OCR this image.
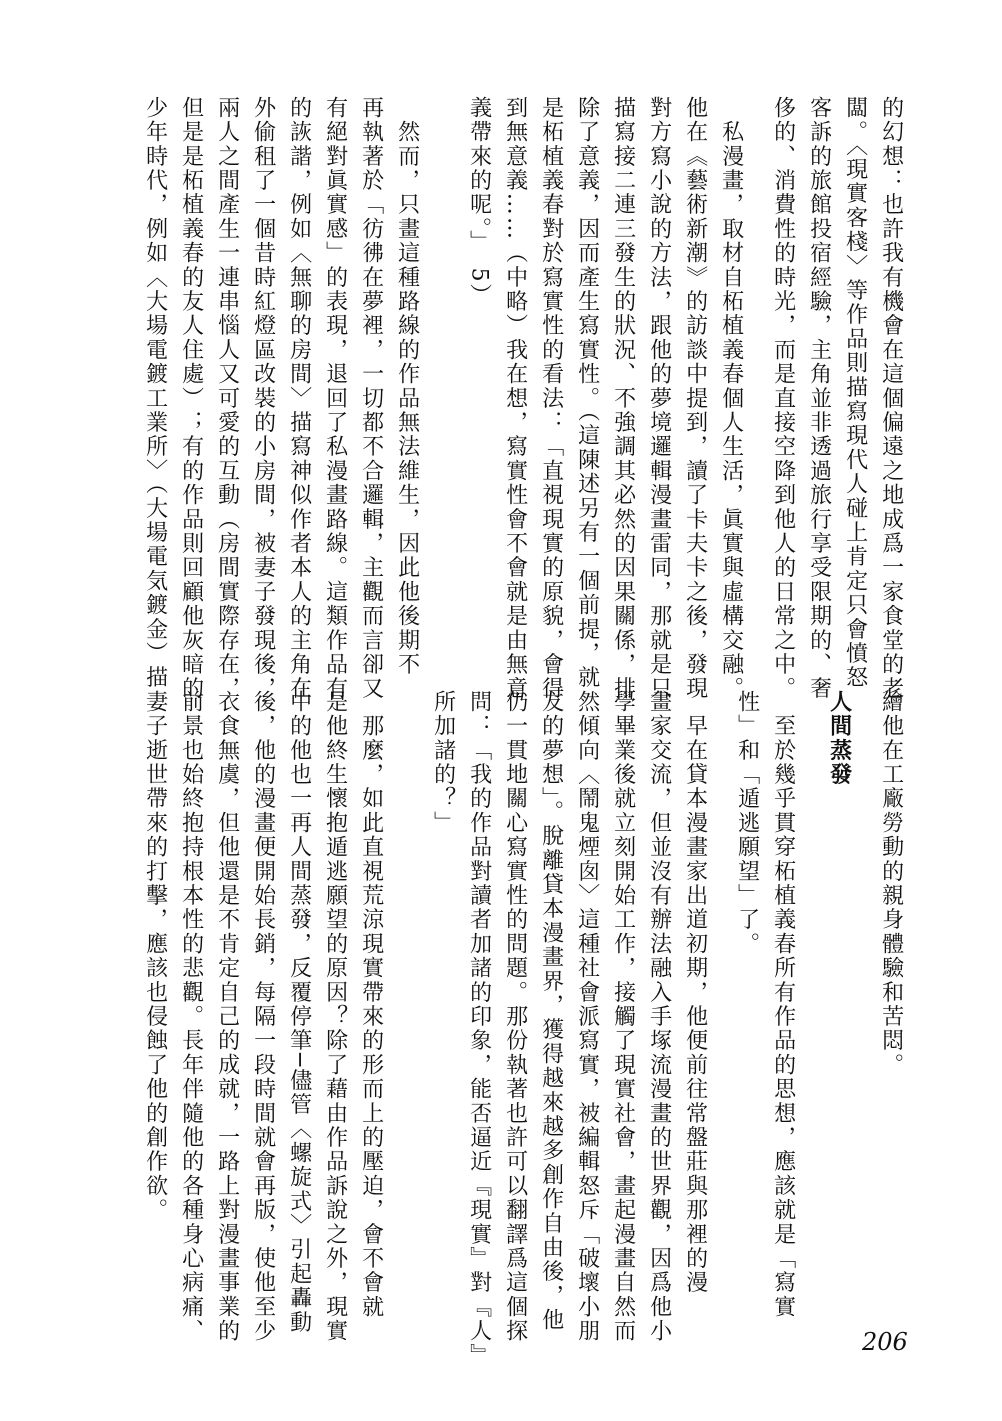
的幻想：也許我有機會在這個偏遠之地成爲一家食堂的老
闆。〈現實客棧〉等作品則描寫現代人碰上肯定只會憤怒
客訴的旅館投宿經驗，主角並非透過旅行享受限期的、奢
侈的、消費性的時光，而是直接空降到他人的日常之中。
　私漫畫，取材自柘植義春個人生活，眞實與虛構交融。
他在《藝術新潮》的訪談中提到，讀了卡夫卡之後，發現
對方寫小說的方法，跟他的夢境邏輯漫畫雷同，那就是只
描寫接二連三發生的狀況、不強調其必然的因果關係，排
除了意義，因而產生寫實性。（這陳述另有一個前提，就
是柘植義春對於寫實性的看法：「直視現實的原貌，會得
到無意義……（中略）我在想，寫實性會不會就是由無意
義帶來的呢。」　5）
　然而，只畫這種路線的作品無法維生，因此他後期不
再執著於「彷彿在夢裡，一切都不合邏輯，主觀而言卻又
有絕對眞實感」的表現，退回了私漫畫路線。這類作品有
的詼諧，例如〈無聊的房間〉描寫神似作者本人的主角在
外偷租了一個昔時紅燈區改裝的小房間，被妻子發現後，
兩人之間產生一連串惱人又可愛的互動（房間實際存在，
但是是柘植義春的友人住處）；有的作品則回顧他灰暗的
少年時代，例如〈大場電鍍工業所〉（大場電気鍍金）描
繪他在工廠勞動的親身體驗和苦悶。
人間蒸發
　至於幾乎貫穿柘植義春所有作品的思想，應該就是「寫實
性」和「遁逃願望」了。
　早在貸本漫畫家出道初期，他便前往常盤莊與那裡的漫
畫家交流，但並沒有辦法融入手塚流漫畫的世界觀，因爲他小
學畢業後就立刻開始工作，接觸了現實社會，畫起漫畫自然而
然傾向〈鬧鬼煙囱〉這種社會派寫實，被編輯怒斥「破壞小朋
友的夢想」。脫離貸本漫畫界，獲得越來越多創作自由後，他
仍一貫地關心寫實性的問題。那份執著也許可以翻譯爲這個探
問：「我的作品對讀者加諸的印象，能否逼近『現實』對『人』
所加諸的？」
　那麼，如此直視荒涼現實帶來的形而上的壓迫，會不會就
是他終生懷抱遁逃願望的原因？除了藉由作品訴說之外，現實
中的他也一再人間蒸發，反覆停筆─儘管〈螺旋式〉引起轟動
後，他的漫畫便開始長銷，每隔一段時間就會再版，使他至少
衣食無虞，但他還是不肯定自己的成就，一路上對漫畫事業的
前景也始終抱持根本性的悲觀。長年伴隨他的各種身心病痛、
妻子逝世帶來的打擊，應該也侵蝕了他的創作欲。
206
